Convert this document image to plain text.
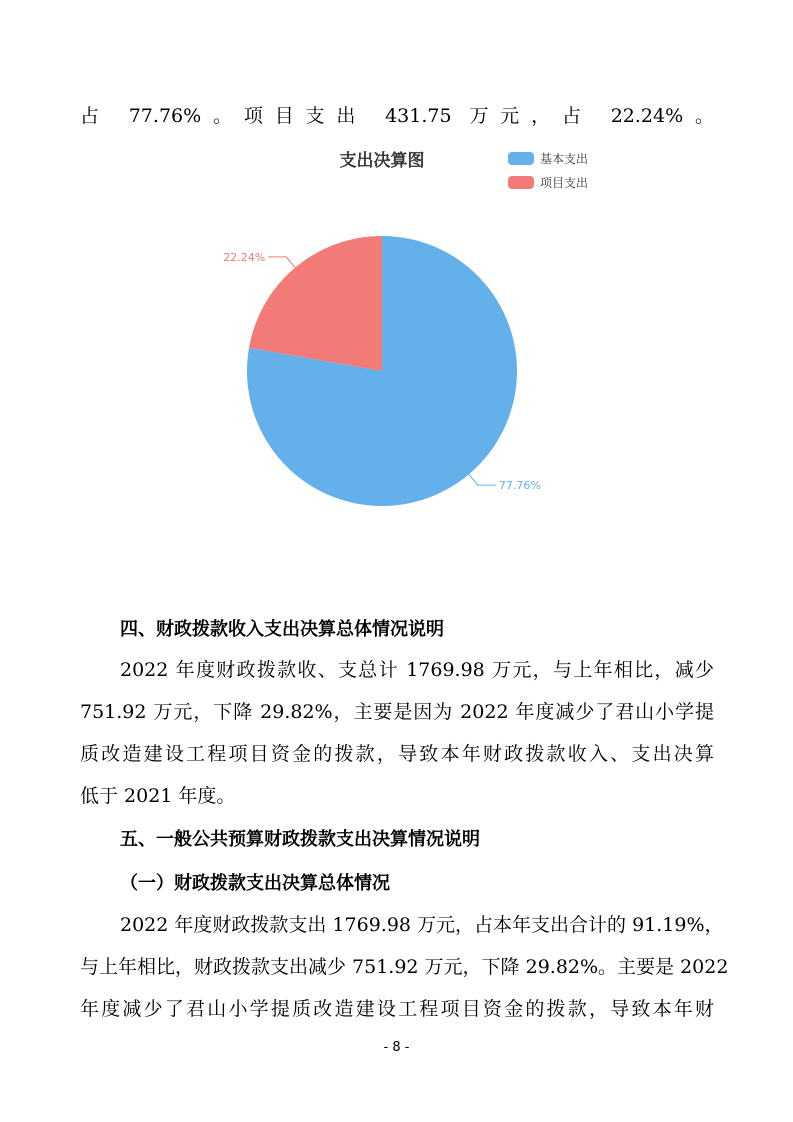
占 77.76%。项目支出 431.75 万元，占 22.24%。
支出决算图	基本支出
项目支出
77.76%
22.24%
四、财政拨款收入支出决算总体情况说明
2022 年度财政拨款收、支总计 1769.98 万元，与上年相比，减少
751.92 万元，下降 29.82%，主要是因为 2022 年度减少了君山小学提
质改造建设工程项目资金的拨款，导致本年财政拨款收入、支出决算
低于 2021 年度。
五、一般公共预算财政拨款支出决算情况说明
（一）财政拨款支出决算总体情况
2022 年度财政拨款支出 1769.98 万元，占本年支出合计的 91.19%，
与上年相比，财政拨款支出减少 751.92 万元，下降 29.82%。主要是 2022
年度减少了君山小学提质改造建设工程项目资金的拨款，导致本年财
- 8 -
